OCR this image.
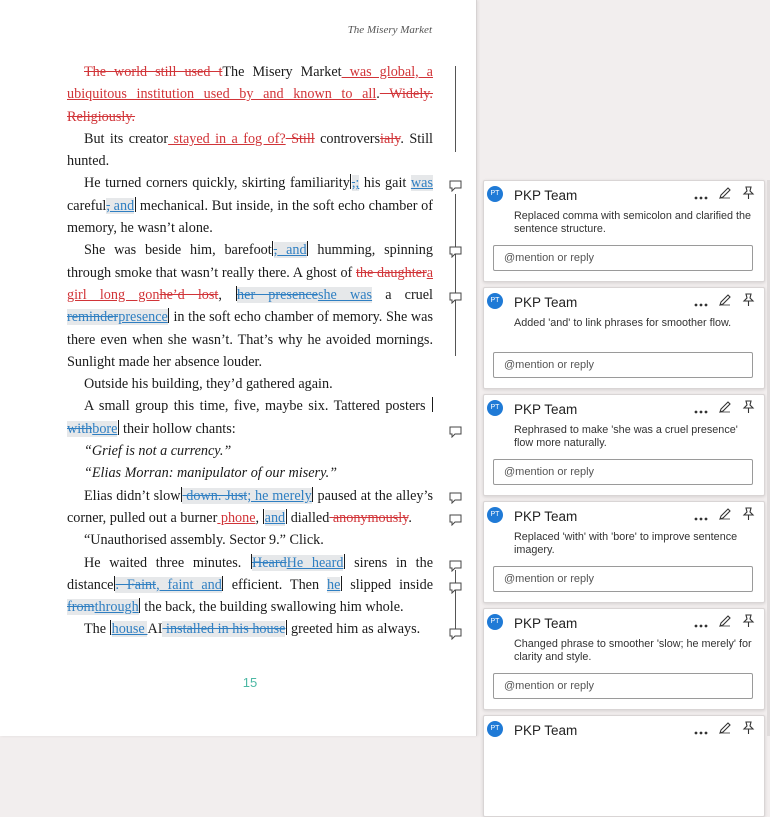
The Misery Market

The world still used tThe Misery Market was global, a ubiquitous institution used by and known to all. Widely. Religiously.

But its creator stayed in a fog of? Still controversialy. Still hunted.

He turned corners quickly, skirting familiarity ,; his gait was careful, and mechanical. But inside, in the soft echo chamber of memory, he wasn’t alone.

She was beside him, barefoot , and humming, spinning through smoke that wasn’t really there. A ghost of the daughtera girl long gonhe’d lost, her presenceshe was a cruel reminderpresence in the soft echo chamber of memory. She was there even when she wasn’t. That’s why he avoided mornings. Sunlight made her absence louder.

Outside his building, they’d gathered again.

A small group this time, five, maybe six. Tattered posters withbore their hollow chants:

“Grief is not a currency.”

“Elias Morran: manipulator of our misery.”

Elias didn’t slow down. Just; he merely paused at the alley’s corner, pulled out a burner phone, and dialled anonymously.

“Unauthorised assembly. Sector 9.” Click.

He waited three minutes. HeardHe heard sirens in the distance . Faint, faint and efficient. Then he slipped inside fromthrough the back, the building swallowing him whole.

The house AI installed in his house greeted him as always.

15
PT PKP Team
Replaced comma with semicolon and clarified the sentence structure.
@mention or reply
PT PKP Team
Added 'and' to link phrases for smoother flow.
@mention or reply
PT PKP Team
Rephrased to make 'she was a cruel presence' flow more naturally.
@mention or reply
PT PKP Team
Replaced 'with' with 'bore' to improve sentence imagery.
@mention or reply
PT PKP Team
Changed phrase to smoother 'slow; he merely' for clarity and style.
@mention or reply
PT PKP Team
